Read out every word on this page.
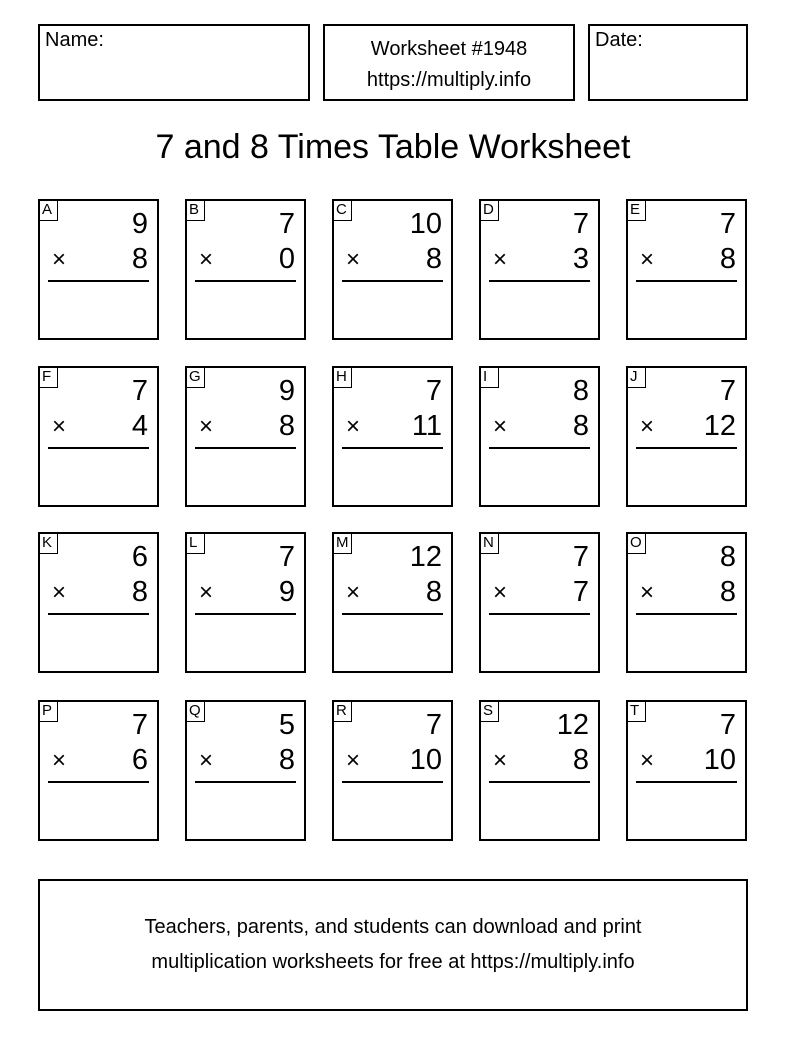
Name:	Worksheet #1948
https://multiply.info
Date:
7 and 8 Times Table Worksheet
A	9
× 8
B	7
× 0
C 10
× 8
D	7
× 3
E	7
× 8
F	7
× 4
G	9
× 8
H	7
× 11
I	8
× 8
J	7
× 12
K	6
× 8
L	7
× 9
M 12
× 8
N	7
× 7
O	8
× 8
P	7
× 6
Q	5
× 8
R	7
× 10
S 12
× 8
T	7
× 10
Teachers, parents, and students can download and print
multiplication worksheets for free at https://multiply.info
